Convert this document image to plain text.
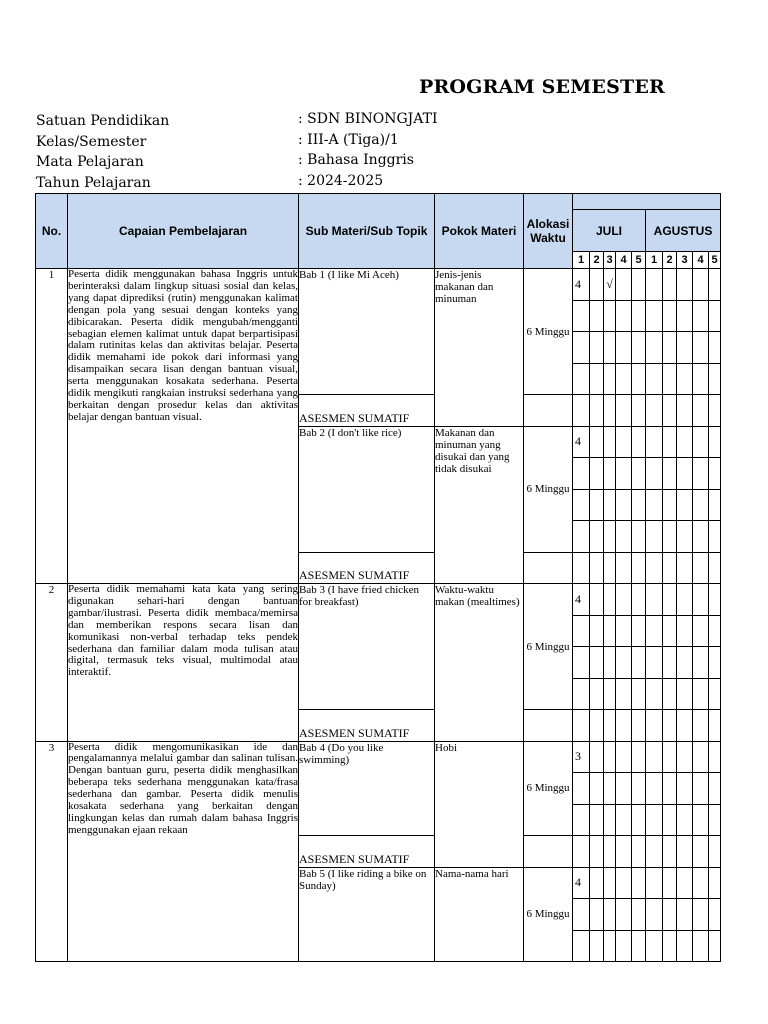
PROGRAM SEMESTER
Satuan Pendidikan	: SDN BINONGJATI
Kelas/Semester	: III-A (Tiga)/1
Mata Pelajaran	: Bahasa Inggris
Tahun Pelajaran	: 2024-2025
No.	Capaian Pembelajaran	Sub Materi/Sub Topik	Pokok Materi	Alokasi Waktu										
					JULI					AGUSTUS				
					1	2	3	4	5	1	2	3	4	5
1	Peserta didik menggunakan bahasa Inggris untuk berinteraksi dalam lingkup situasi sosial dan kelas, yang dapat diprediksi (rutin) menggunakan kalimat dengan pola yang sesuai dengan konteks yang dibicarakan. Peserta didik mengubah/mengganti sebagian elemen kalimat untuk dapat berpartisipasi dalam rutinitas kelas dan aktivitas belajar. Peserta didik memahami ide pokok dari informasi yang disampaikan secara lisan dengan bantuan visual, serta menggunakan kosakata sederhana. Peserta didik mengikuti rangkaian instruksi sederhana yang berkaitan dengan prosedur kelas dan aktivitas belajar dengan bantuan visual.	Bab 1 (I like Mi Aceh)	Jenis-jenis makanan dan minuman	6 Minggu	4		√							

		ASESMEN SUMATIF												
		Bab 2 (I don't like rice)	Makanan dan minuman yang disukai dan yang tidak disukai	6 Minggu	4									

		ASESMEN SUMATIF												
2	Peserta didik memahami kata kata yang sering digunakan sehari-hari dengan bantuan gambar/ilustrasi. Peserta didik membaca/memirsa dan memberikan respons secara lisan dan komunikasi non-verbal terhadap teks pendek sederhana dan familiar dalam moda tulisan atau digital, termasuk teks visual, multimodal atau interaktif.	Bab 3 (I have fried chicken for breakfast)	Waktu-waktu makan (mealtimes)	6 Minggu	4									

		ASESMEN SUMATIF												
3	Peserta didik mengomunikasikan ide dan pengalamannya melalui gambar dan salinan tulisan. Dengan bantuan guru, peserta didik menghasilkan beberapa teks sederhana menggunakan kata/frasa sederhana dan gambar. Peserta didik menulis kosakata sederhana yang berkaitan dengan lingkungan kelas dan rumah dalam bahasa Inggris menggunakan ejaan rekaan	Bab 4 (Do you like swimming)	Hobi	6 Minggu	3									

		ASESMEN SUMATIF												
		Bab 5 (I like riding a bike on Sunday)	Nama-nama hari	6 Minggu	4									
